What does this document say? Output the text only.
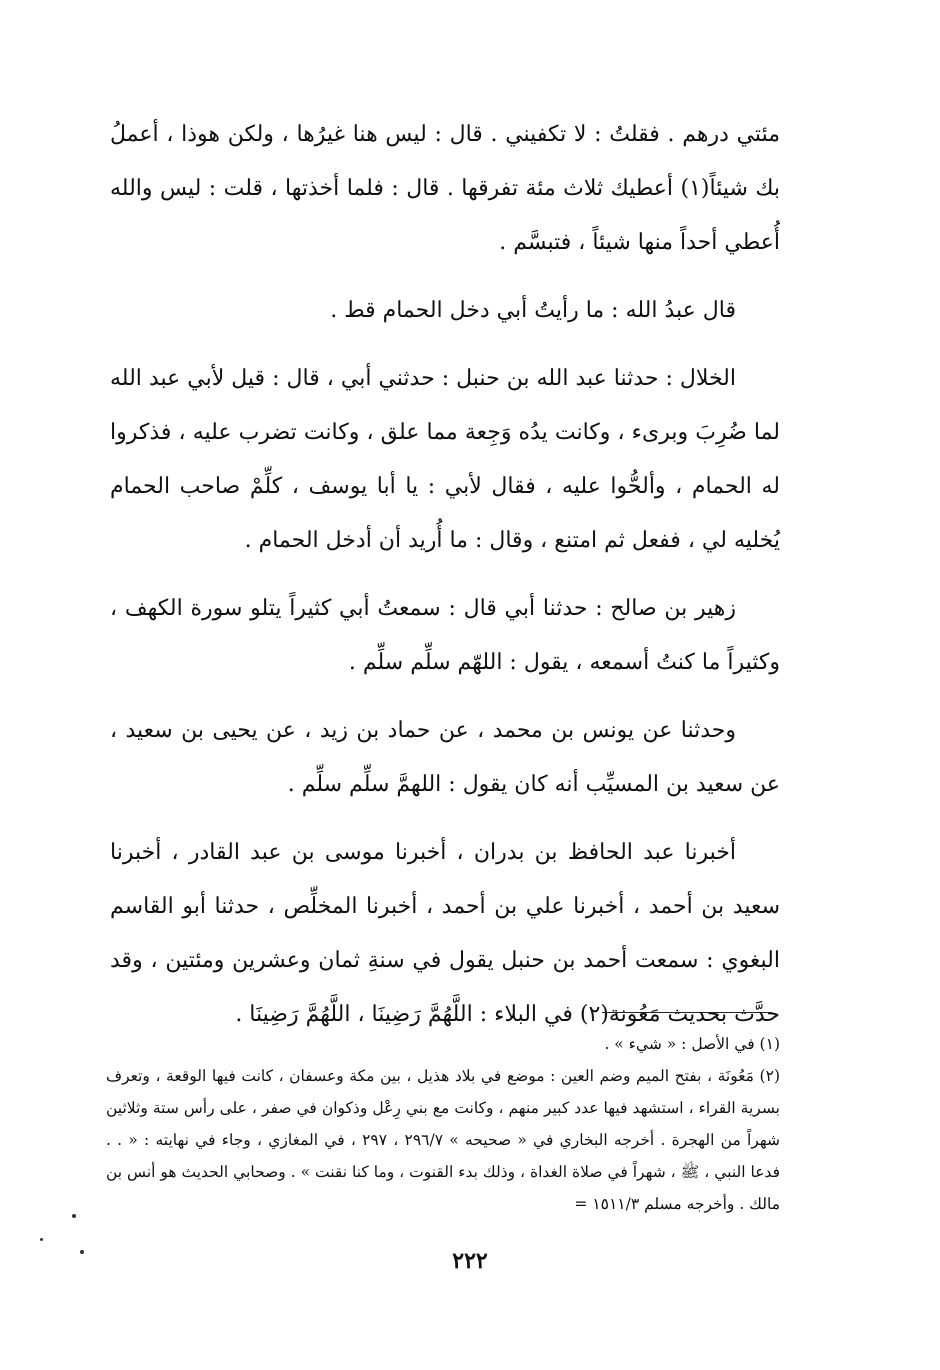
مئتي درهم . فقلتُ : لا تكفيني . قال : ليس هنا غيرُها ، ولكن هوذا ، أعملُ بك شيئاً(١) أعطيك ثلاث مئة تفرقها . قال : فلما أخذتها ، قلت : ليس والله أُعطي أحداً منها شيئاً ، فتبسَّم .

قال عبدُ الله : ما رأيتُ أبي دخل الحمام قط .

الخلال : حدثنا عبد الله بن حنبل : حدثني أبي ، قال : قيل لأبي عبد الله لما ضُرِبَ وبرىء ، وكانت يدُه وَجِعة مما علق ، وكانت تضرب عليه ، فذكروا له الحمام ، وألحُّوا عليه ، فقال لأبي : يا أبا يوسف ، كلِّمْ صاحب الحمام يُخليه لي ، ففعل ثم امتنع ، وقال : ما أُريد أن أدخل الحمام .

زهير بن صالح : حدثنا أبي قال : سمعتُ أبي كثيراً يتلو سورة الكهف ، وكثيراً ما كنتُ أسمعه ، يقول : اللهّم سلِّم سلِّم .

وحدثنا عن يونس بن محمد ، عن حماد بن زيد ، عن يحيى بن سعيد ، عن سعيد بن المسيِّب أنه كان يقول : اللهمَّ سلِّم سلِّم .

أخبرنا عبد الحافظ بن بدران ، أخبرنا موسى بن عبد القادر ، أخبرنا سعيد بن أحمد ، أخبرنا علي بن أحمد ، أخبرنا المخلِّص ، حدثنا أبو القاسم البغوي : سمعت أحمد بن حنبل يقول في سنةِ ثمان وعشرين ومئتين ، وقد حدَّث بحديث مَعُونة(٢) في البلاء : اللَّهُمَّ رَضِينَا ، اللَّهُمَّ رَضِينَا .

(١) في الأصل : « شيء » .

(٢) مَعُونَة ، بفتح الميم وضم العين : موضع في بلاد هذيل ، بين مكة وعسفان ، كانت فيها الوقعة ، وتعرف بسرية القراء ، استشهد فيها عدد كبير منهم ، وكانت مع بني رِعْل وذكوان في صفر ، على رأس ستة وثلاثين شهراً من الهجرة . أخرجه البخاري في « صحيحه » ٢٩٦/٧ ، ٢٩٧ ، في المغازي ، وجاء في نهايته : « . . فدعا النبي ، ﷺ ، شهراً في صلاة الغداة ، وذلك بدء القنوت ، وما كنا نقنت » . وصحابي الحديث هو أنس بن مالك . وأخرجه مسلم ١٥١١/٣ =

٢٢٢
